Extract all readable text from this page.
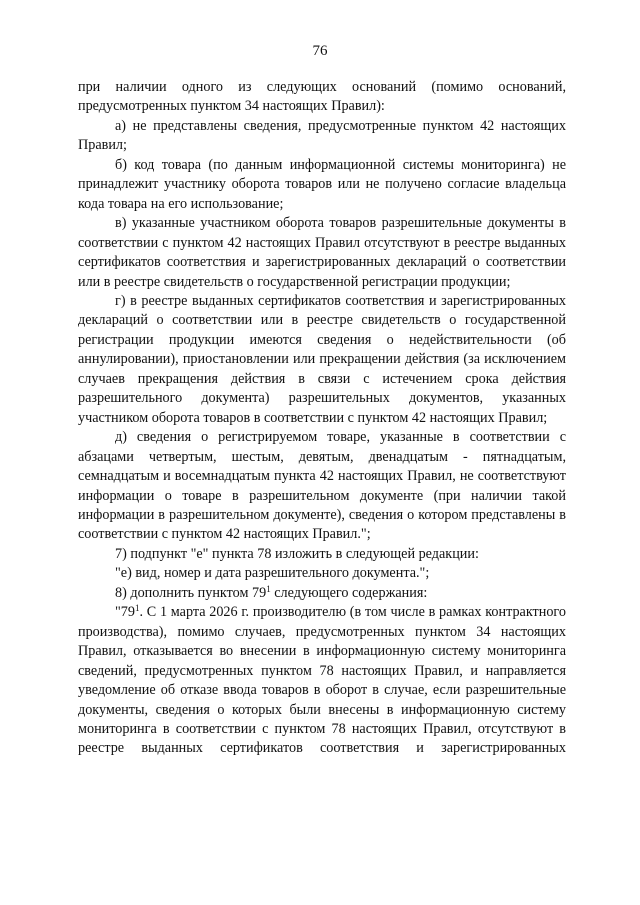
76

при наличии одного из следующих оснований (помимо оснований, предусмотренных пунктом 34 настоящих Правил):

а) не представлены сведения, предусмотренные пунктом 42 настоящих Правил;

б) код товара (по данным информационной системы мониторинга) не принадлежит участнику оборота товаров или не получено согласие владельца кода товара на его использование;

в) указанные участником оборота товаров разрешительные документы в соответствии с пунктом 42 настоящих Правил отсутствуют в реестре выданных сертификатов соответствия и зарегистрированных деклараций о соответствии или в реестре свидетельств о государственной регистрации продукции;

г) в реестре выданных сертификатов соответствия и зарегистрированных деклараций о соответствии или в реестре свидетельств о государственной регистрации продукции имеются сведения о недействительности (об аннулировании), приостановлении или прекращении действия (за исключением случаев прекращения действия в связи с истечением срока действия разрешительного документа) разрешительных документов, указанных участником оборота товаров в соответствии с пунктом 42 настоящих Правил;

д) сведения о регистрируемом товаре, указанные в соответствии с абзацами четвертым, шестым, девятым, двенадцатым - пятнадцатым, семнадцатым и восемнадцатым пункта 42 настоящих Правил, не соответствуют информации о товаре в разрешительном документе (при наличии такой информации в разрешительном документе), сведения о котором представлены в соответствии с пунктом 42 настоящих Правил.";

7) подпункт "е" пункта 78 изложить в следующей редакции:

"е) вид, номер и дата разрешительного документа.";

8) дополнить пунктом $79^1$ следующего содержания:

"$79^1$. С 1 марта 2026 г. производителю (в том числе в рамках контрактного производства), помимо случаев, предусмотренных пунктом 34 настоящих Правил, отказывается во внесении в информационную систему мониторинга сведений, предусмотренных пунктом 78 настоящих Правил, и направляется уведомление об отказе ввода товаров в оборот в случае, если разрешительные документы, сведения о которых были внесены в информационную систему мониторинга в соответствии с пунктом 78 настоящих Правил, отсутствуют в реестре выданных сертификатов соответствия и зарегистрированных
